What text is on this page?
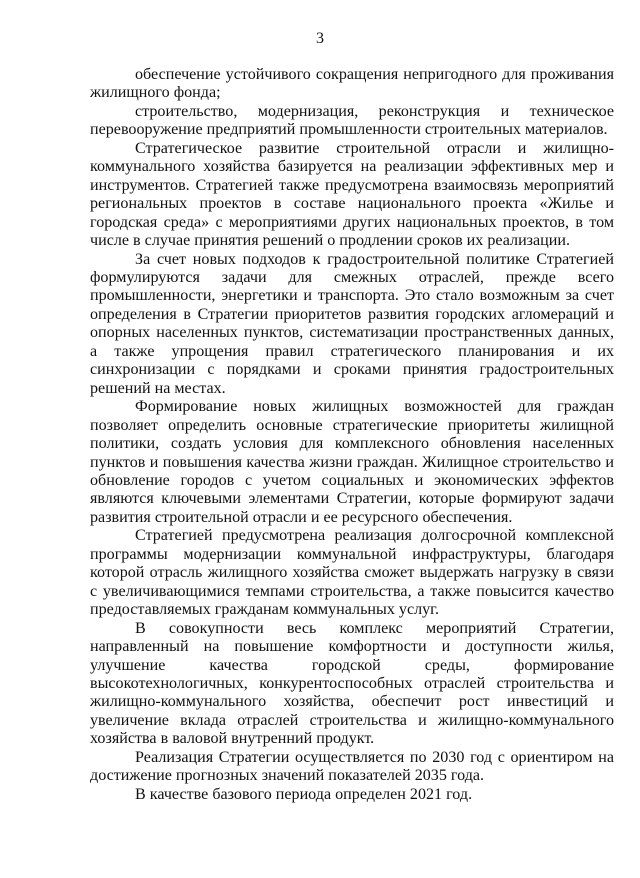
3

обеспечение устойчивого сокращения непригодного для проживания жилищного фонда;

строительство, модернизация, реконструкция и техническое перевооружение предприятий промышленности строительных материалов.

Стратегическое развитие строительной отрасли и жилищно-коммунального хозяйства базируется на реализации эффективных мер и инструментов. Стратегией также предусмотрена взаимосвязь мероприятий региональных проектов в составе национального проекта «Жилье и городская среда» с мероприятиями других национальных проектов, в том числе в случае принятия решений о продлении сроков их реализации.

За счет новых подходов к градостроительной политике Стратегией формулируются задачи для смежных отраслей, прежде всего промышленности, энергетики и транспорта. Это стало возможным за счет определения в Стратегии приоритетов развития городских агломераций и опорных населенных пунктов, систематизации пространственных данных, а также упрощения правил стратегического планирования и их синхронизации с порядками и сроками принятия градостроительных решений на местах.

Формирование новых жилищных возможностей для граждан позволяет определить основные стратегические приоритеты жилищной политики, создать условия для комплексного обновления населенных пунктов и повышения качества жизни граждан. Жилищное строительство и обновление городов с учетом социальных и экономических эффектов являются ключевыми элементами Стратегии, которые формируют задачи развития строительной отрасли и ее ресурсного обеспечения.

Стратегией предусмотрена реализация долгосрочной комплексной программы модернизации коммунальной инфраструктуры, благодаря которой отрасль жилищного хозяйства сможет выдержать нагрузку в связи с увеличивающимися темпами строительства, а также повысится качество предоставляемых гражданам коммунальных услуг.

В совокупности весь комплекс мероприятий Стратегии, направленный на повышение комфортности и доступности жилья, улучшение качества городской среды, формирование высокотехнологичных, конкурентоспособных отраслей строительства и жилищно-коммунального хозяйства, обеспечит рост инвестиций и увеличение вклада отраслей строительства и жилищно-коммунального хозяйства в валовой внутренний продукт.

Реализация Стратегии осуществляется по 2030 год с ориентиром на достижение прогнозных значений показателей 2035 года.

В качестве базового периода определен 2021 год.
